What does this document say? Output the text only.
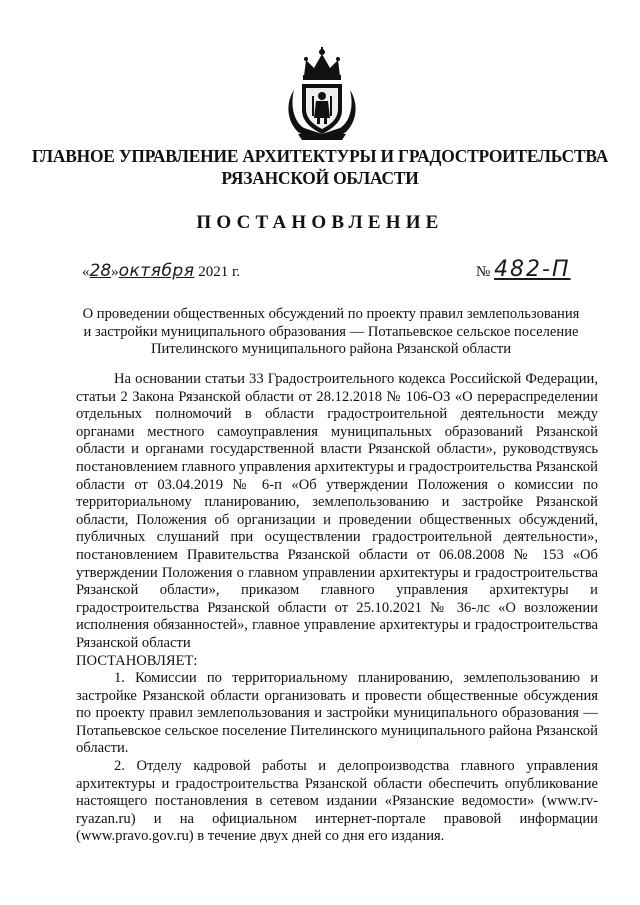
ГЛАВНОЕ УПРАВЛЕНИЕ АРХИТЕКТУРЫ И ГРАДОСТРОИТЕЛЬСТВА
РЯЗАНСКОЙ ОБЛАСТИ
ПОСТАНОВЛЕНИЕ
«28»октября 2021 г.	№ 482-П
О проведении общественных обсуждений по проекту правил землепользования
и застройки муниципального образования — Потапьевское сельское поселение
Пителинского муниципального района Рязанской области

На основании статьи 33 Градостроительного кодекса Российской Федерации, статьи 2 Закона Рязанской области от 28.12.2018 № 106-ОЗ «О перераспределении отдельных полномочий в области градостроительной деятельности между органами местного самоуправления муниципальных образований Рязанской области и органами государственной власти Рязанской области», руководствуясь постановлением главного управления архитектуры и градостроительства Рязанской области от 03.04.2019 № 6-п «Об утверждении Положения о комиссии по территориальному планированию, землепользованию и застройке Рязанской области, Положения об организации и проведении общественных обсуждений, публичных слушаний при осуществлении градостроительной деятельности», постановлением Правительства Рязанской области от 06.08.2008 № 153 «Об утверждении Положения о главном управлении архитектуры и градостроительства Рязанской области», приказом главного управления архитектуры и градостроительства Рязанской области от 25.10.2021 № 36-лс «О возложении исполнения обязанностей», главное управление архитектуры и градостроительства Рязанской области

ПОСТАНОВЛЯЕТ:

1. Комиссии по территориальному планированию, землепользованию и застройке Рязанской области организовать и провести общественные обсуждения по проекту правил землепользования и застройки муниципального образования — Потапьевское сельское поселение Пителинского муниципального района Рязанской области.

2. Отделу кадровой работы и делопроизводства главного управления архитектуры и градостроительства Рязанской области обеспечить опубликование настоящего постановления в сетевом издании «Рязанские ведомости» (www.rv-ryazan.ru) и на официальном интернет-портале правовой информации (www.pravo.gov.ru) в течение двух дней со дня его издания.
